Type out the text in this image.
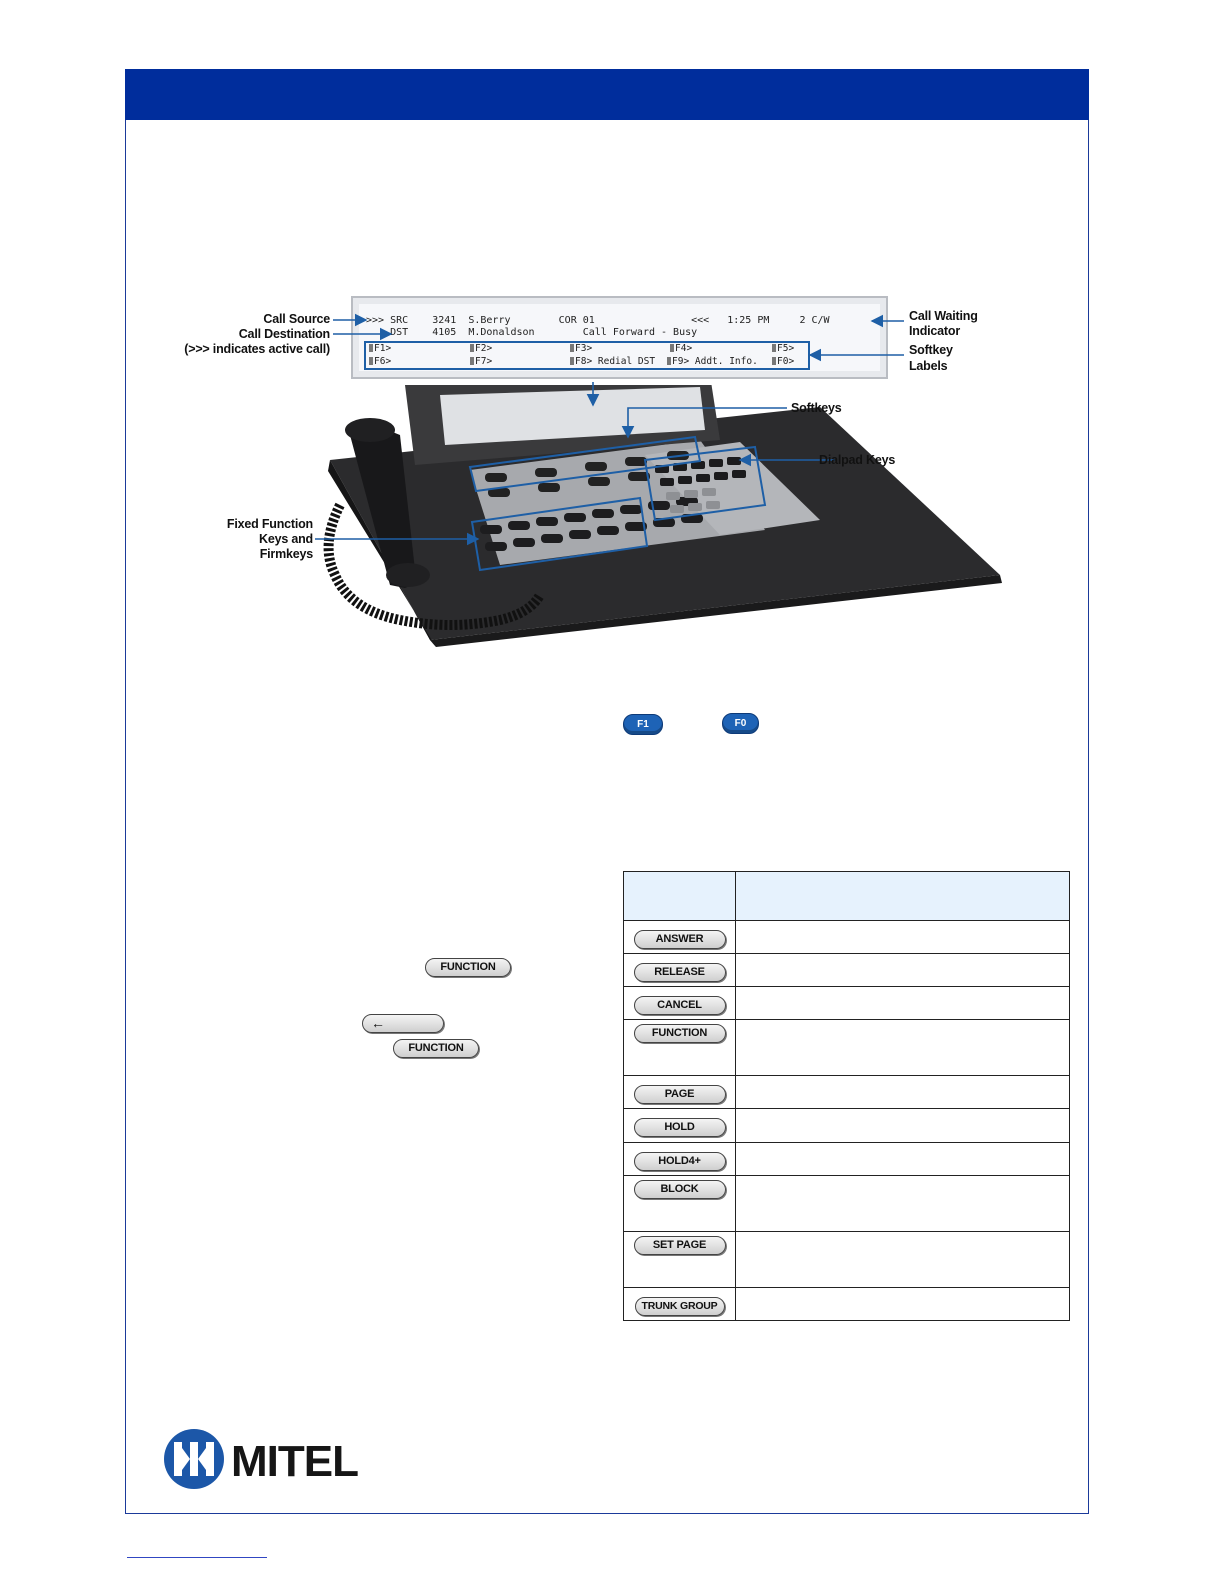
>>> SRC    3241  S.Berry        COR 01                <<<   1:25 PM     2 C/W
DST    4105  M.Donaldson        Call Forward - Busy
F1>	F2>	F3>	F4>	F5>
F6>	F7>	F8> Redial DST	F9> Addt. Info.	F0>
Call Source
Call Destination
(>>> indicates active call)
Call Waiting
Indicator
Softkey
Labels
Softkeys
Dialpad Keys
Fixed Function
Keys and
Firmkeys
F1	F0
FUNCTION
←
FUNCTION

ANSWER	

RELEASE	

CANCEL	

FUNCTION	

PAGE	

HOLD	

HOLD4+	

BLOCK	

SET PAGE	

TRUNK GROUP	

MITEL
